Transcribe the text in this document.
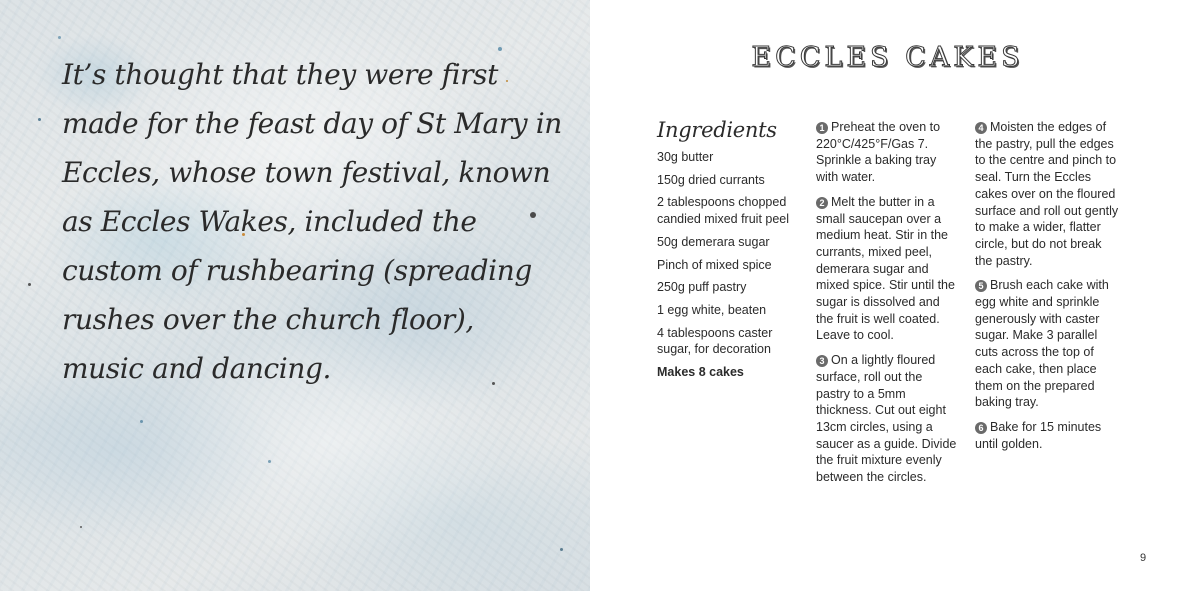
It’s thought that they were first made for the feast day of St Mary in Eccles, whose town festival, known as Eccles Wakes, included the custom of rushbearing (spreading rushes over the church floor), music and dancing.

ECCLES CAKES
Ingredients
30g butter
150g dried currants
2 tablespoons chopped candied mixed fruit peel
50g demerara sugar
Pinch of mixed spice
250g puff pastry
1 egg white, beaten
4 tablespoons caster sugar, for decoration

Makes 8 cakes

1 Preheat the oven to 220°C/425°F/Gas 7. Sprinkle a baking tray with water.

2 Melt the butter in a small saucepan over a medium heat. Stir in the currants, mixed peel, demerara sugar and mixed spice. Stir until the sugar is dissolved and the fruit is well coated. Leave to cool.

3 On a lightly floured surface, roll out the pastry to a 5mm thickness. Cut out eight 13cm circles, using a saucer as a guide. Divide the fruit mixture evenly between the circles.

4 Moisten the edges of the pastry, pull the edges to the centre and pinch to seal. Turn the Eccles cakes over on the floured surface and roll out gently to make a wider, flatter circle, but do not break the pastry.

5 Brush each cake with egg white and sprinkle generously with caster sugar. Make 3 parallel cuts across the top of each cake, then place them on the prepared baking tray.

6 Bake for 15 minutes until golden.

9
